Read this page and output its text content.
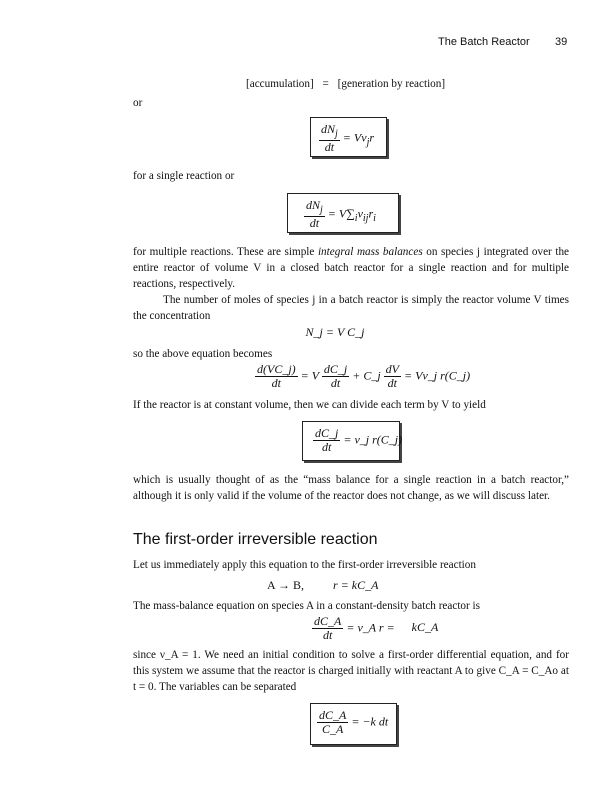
The Batch Reactor 39
[accumulation] = [generation by reaction]
or
$\frac{dN_j}{dt} = V\nu_jr$
for a single reaction or
$\frac{dN_j}{dt} = V\sum_i\nu_{ij}r_i$
for multiple reactions. These are simple integral mass balances on species j integrated over the entire reactor of volume V in a closed batch reactor for a single reaction and for multiple reactions, respectively.
The number of moles of species j in a batch reactor is simply the reactor volume V times the concentration
N_j = V C_j
so the above equation becomes
$\frac{d(VC\_j)}{dt} = V \frac{dC\_j}{dt}$ + C_j $\frac{dV}{dt}$ = Vν_j r(C_j)
If the reactor is at constant volume, then we can divide each term by V to yield
$\frac{dC\_j}{dt}$ = ν_j r(C_j)
which is usually thought of as the “mass balance for a single reaction in a batch reactor,” although it is only valid if the volume of the reactor does not change, as we will discuss later.
The first-order irreversible reaction
Let us immediately apply this equation to the first-order irreversible reaction
A → B, r = kC_A
The mass-balance equation on species A in a constant-density batch reactor is
$\frac{dC\_A}{dt}$ = ν_A r = kC_A
since ν_A = 1. We need an initial condition to solve a first-order differential equation, and for this system we assume that the reactor is charged initially with reactant A to give C_A = C_Ao at t = 0. The variables can be separated
$\frac{dC\_A}{C\_A} = -k$ dt
